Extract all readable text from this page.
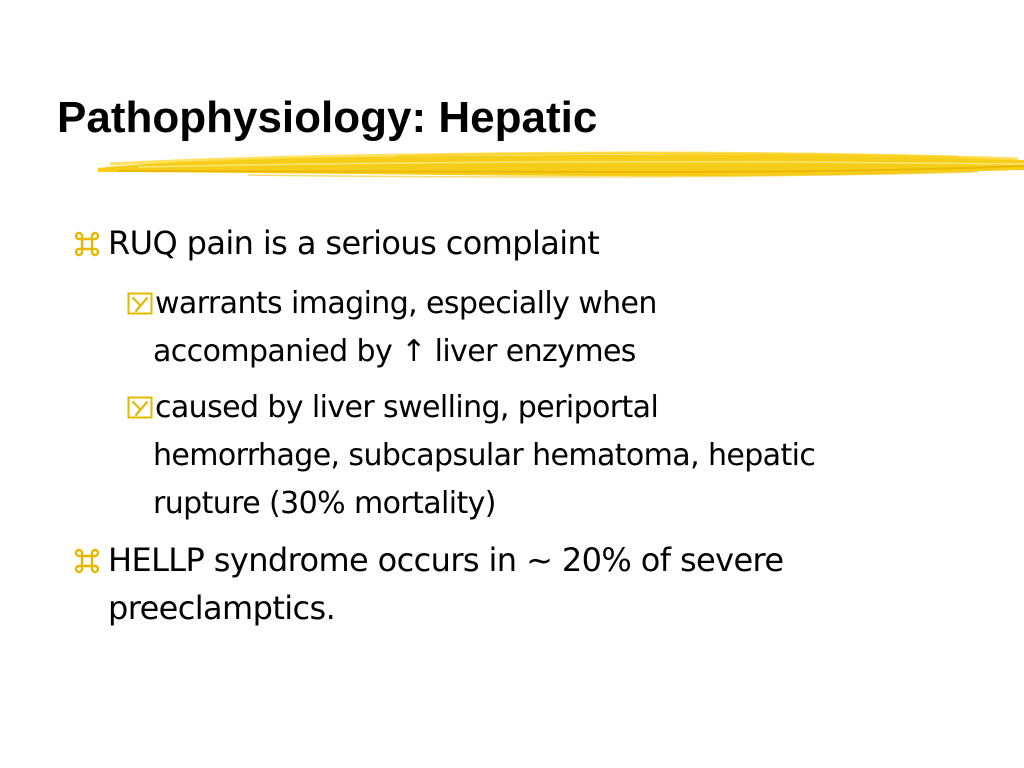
Pathophysiology: Hepatic
RUQ pain is a serious complaint
warrants imaging, especially when
accompanied by ↑ liver enzymes
caused by liver swelling, periportal
hemorrhage, subcapsular hematoma, hepatic
rupture (30% mortality)
HELLP syndrome occurs in ~ 20% of severe
preeclamptics.
